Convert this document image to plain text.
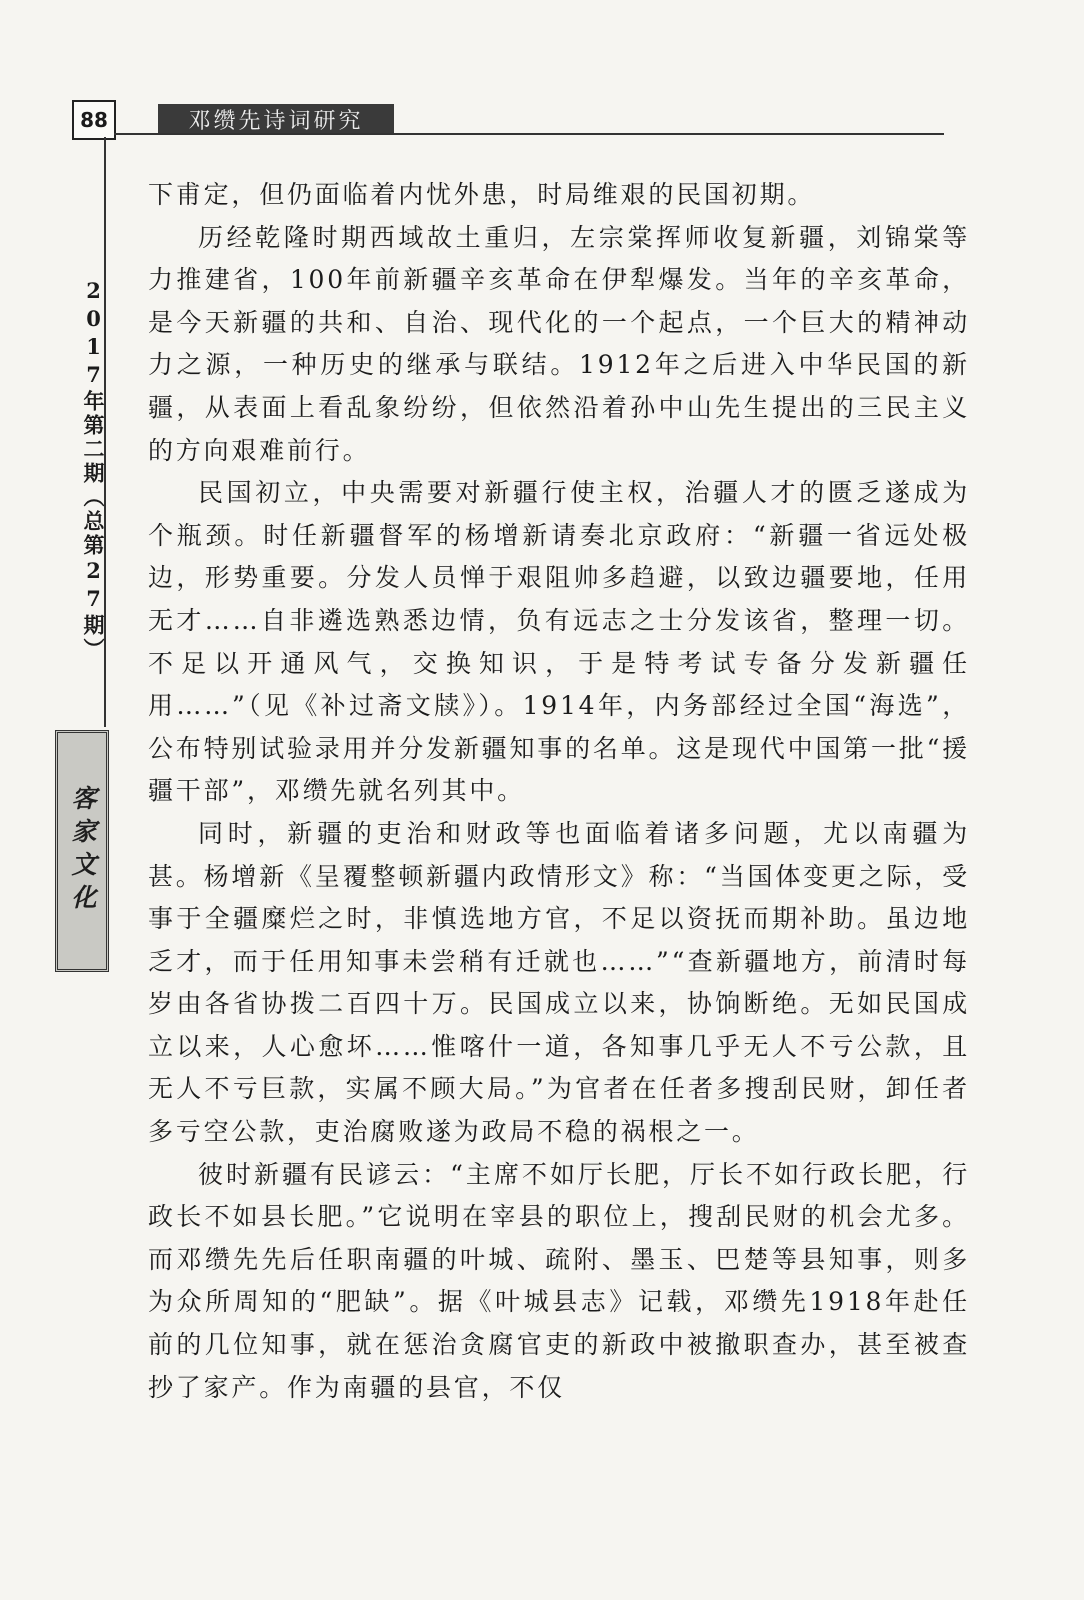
88	邓缵先诗词研究
2017年第二期（总第27期）
客家文化

下甫定，但仍面临着内忧外患，时局维艰的民国初期。

历经乾隆时期西域故土重归，左宗棠挥师收复新疆，刘锦棠等力推建省，100年前新疆辛亥革命在伊犁爆发。当年的辛亥革命，是今天新疆的共和、自治、现代化的一个起点，一个巨大的精神动力之源，一种历史的继承与联结。1912年之后进入中华民国的新疆，从表面上看乱象纷纷，但依然沿着孙中山先生提出的三民主义的方向艰难前行。

民国初立，中央需要对新疆行使主权，治疆人才的匮乏遂成为个瓶颈。时任新疆督军的杨增新请奏北京政府：“新疆一省远处极边，形势重要。分发人员惮于艰阻帅多趋避，以致边疆要地，任用无才……自非遴选熟悉边情，负有远志之士分发该省，整理一切。不足以开通风气，交换知识，于是特考试专备分发新疆任用……”（见《补过斋文牍》）。1914年，内务部经过全国“海选”，公布特别试验录用并分发新疆知事的名单。这是现代中国第一批“援疆干部”，邓缵先就名列其中。

同时，新疆的吏治和财政等也面临着诸多问题，尤以南疆为甚。杨增新《呈覆整顿新疆内政情形文》称：“当国体变更之际，受事于全疆糜烂之时，非慎选地方官，不足以资抚而期补助。虽边地乏才，而于任用知事未尝稍有迁就也……”“查新疆地方，前清时每岁由各省协拨二百四十万。民国成立以来，协饷断绝。无如民国成立以来，人心愈坏……惟喀什一道，各知事几乎无人不亏公款，且无人不亏巨款，实属不顾大局。”为官者在任者多搜刮民财，卸任者多亏空公款，吏治腐败遂为政局不稳的祸根之一。

彼时新疆有民谚云：“主席不如厅长肥，厅长不如行政长肥，行政长不如县长肥。”它说明在宰县的职位上，搜刮民财的机会尤多。而邓缵先先后任职南疆的叶城、疏附、墨玉、巴楚等县知事，则多为众所周知的“肥缺”。据《叶城县志》记载，邓缵先1918年赴任前的几位知事，就在惩治贪腐官吏的新政中被撤职查办，甚至被查抄了家产。作为南疆的县官，不仅
